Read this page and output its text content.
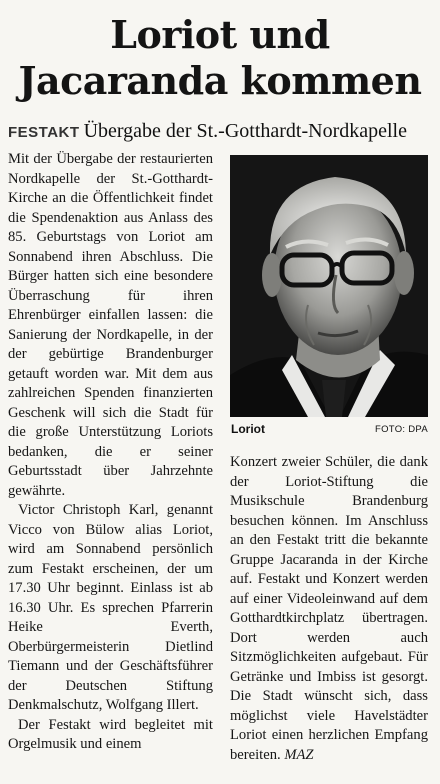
Loriot und
Jacaranda kommen
FESTAKT Übergabe der St.-Gotthardt-Nordkapelle

Mit der Übergabe der restaurierten Nordkapelle der St.-Gotthardt-Kirche an die Öffentlichkeit findet die Spendenaktion aus Anlass des 85. Geburtstags von Loriot am Sonnabend ihren Abschluss. Die Bürger hatten sich eine besondere Überraschung für ihren Ehrenbürger einfallen lassen: die Sanierung der Nordkapelle, in der der gebürtige Brandenburger getauft worden war. Mit dem aus zahlreichen Spenden finanzierten Geschenk will sich die Stadt für die große Unterstützung Loriots bedanken, die er seiner Geburtsstadt über Jahrzehnte gewährte.

Victor Christoph Karl, genannt Vicco von Bülow alias Loriot, wird am Sonnabend persönlich zum Festakt erscheinen, der um 17.30 Uhr beginnt. Einlass ist ab 16.30 Uhr. Es sprechen Pfarrerin Heike Everth, Oberbürgermeisterin Dietlind Tiemann und der Geschäftsführer der Deutschen Stiftung Denkmalschutz, Wolfgang Illert.

Der Festakt wird begleitet mit Orgelmusik und einem

Loriot	FOTO: DPA

Konzert zweier Schüler, die dank der Loriot-Stiftung die Musikschule Brandenburg besuchen können. Im Anschluss an den Festakt tritt die bekannte Gruppe Jacaranda in der Kirche auf. Festakt und Konzert werden auf einer Videoleinwand auf dem Gotthardtkirchplatz übertragen. Dort werden auch Sitzmöglichkeiten aufgebaut. Für Getränke und Imbiss ist gesorgt. Die Stadt wünscht sich, dass möglichst viele Havelstädter Loriot einen herzlichen Empfang bereiten. MAZ
